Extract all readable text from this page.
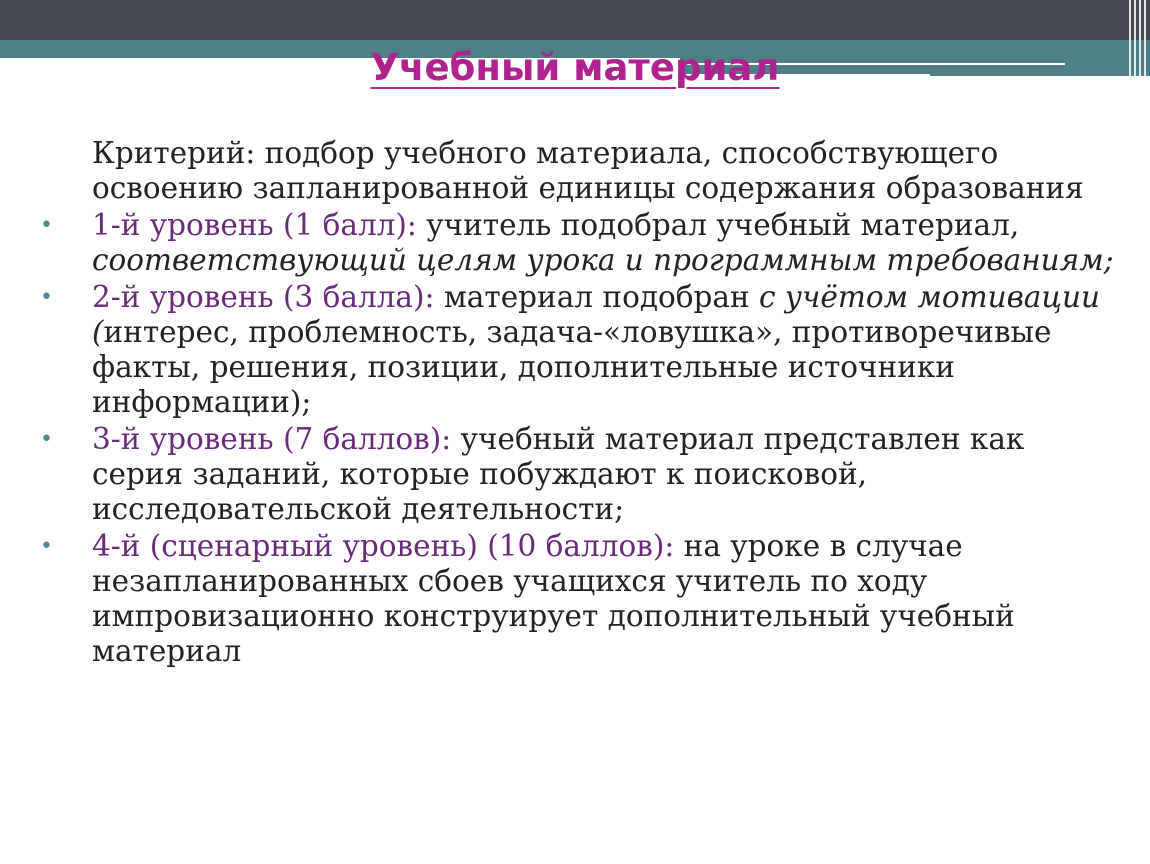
Учебный материал

Критерий: подбор учебного материала, способствующего освоению запланированной единицы содержания образования

• 1-й уровень (1 балл): учитель подобрал учебный материал, соответствующий целям урока и программным требованиям;
• 2-й уровень (3 балла): материал подобран с учётом мотивации (интерес, проблемность, задача-«ловушка», противоречивые факты, решения, позиции, дополнительные источники информации);
• 3-й уровень (7 баллов): учебный материал представлен как серия заданий, которые побуждают к поисковой, исследовательской деятельности;
• 4-й (сценарный уровень) (10 баллов): на уроке в случае незапланированных сбоев учащихся учитель по ходу импровизационно конструирует дополнительный учебный материал
